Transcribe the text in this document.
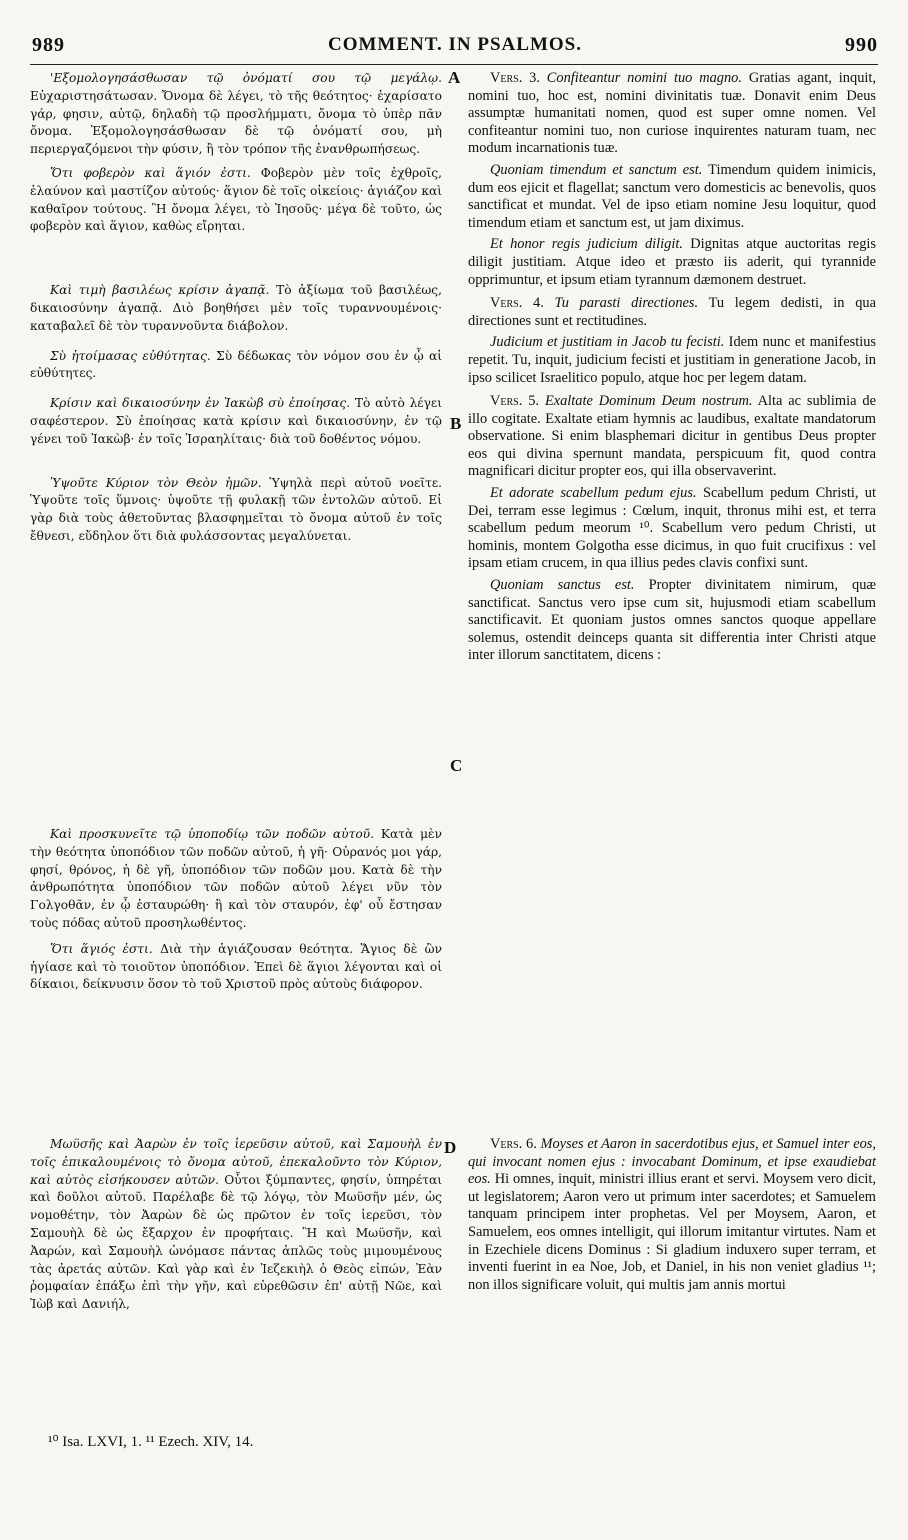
989	COMMENT. IN PSALMOS.	990
A
B
C
D

'Εξομολογησάσθωσαν τῷ ὀνόματί σου τῷ μεγάλῳ. Εὐχαριστησάτωσαν. Ὄνομα δὲ λέγει, τὸ τῆς θεότητος· ἐχαρίσατο γάρ, φησιν, αὐτῷ, δηλαδὴ τῷ προσλήμματι, ὄνομα τὸ ὑπὲρ πᾶν ὄνομα. Ἐξομολογησάσθωσαν δὲ τῷ ὀνόματί σου, μὴ περιεργαζόμενοι τὴν φύσιν, ἢ τὸν τρόπον τῆς ἐνανθρωπήσεως.

Ὅτι φοβερὸν καὶ ἅγιόν ἐστι. Φοβερὸν μὲν τοῖς ἐχθροῖς, ἐλαύνον καὶ μαστίζον αὐτούς· ἅγιον δὲ τοῖς οἰκείοις· ἁγιάζον καὶ καθαῖρον τούτους. Ἢ ὄνομα λέγει, τὸ Ἰησοῦς· μέγα δὲ τοῦτο, ὡς φοβερὸν καὶ ἅγιον, καθὼς εἴρηται.

Καὶ τιμὴ βασιλέως κρίσιν ἀγαπᾷ. Τὸ ἀξίωμα τοῦ βασιλέως, δικαιοσύνην ἀγαπᾷ. Διὸ βοηθήσει μὲν τοῖς τυραννουμένοις· καταβαλεῖ δὲ τὸν τυραννοῦντα διάβολον.

Σὺ ἡτοίμασας εὐθύτητας. Σὺ δέδωκας τὸν νόμον σου ἐν ᾧ αἱ εὐθύτητες.

Κρίσιν καὶ δικαιοσύνην ἐν Ἰακὼβ σὺ ἐποίησας. Τὸ αὐτὸ λέγει σαφέστερον. Σὺ ἐποίησας κατὰ κρίσιν καὶ δικαιοσύνην, ἐν τῷ γένει τοῦ Ἰακὼβ· ἐν τοῖς Ἰσραηλίταις· διὰ τοῦ δοθέντος νόμου.

Ὑψοῦτε Κύριον τὸν Θεὸν ἡμῶν. Ὑψηλὰ περὶ αὐτοῦ νοεῖτε. Ὑψοῦτε τοῖς ὕμνοις· ὑψοῦτε τῇ φυλακῇ τῶν ἐντολῶν αὐτοῦ. Εἰ γὰρ διὰ τοὺς ἀθετοῦντας βλασφημεῖται τὸ ὄνομα αὐτοῦ ἐν τοῖς ἔθνεσι, εὔδηλον ὅτι διὰ φυλάσσοντας μεγαλύνεται.

Καὶ προσκυνεῖτε τῷ ὑποποδίῳ τῶν ποδῶν αὐτοῦ. Κατὰ μὲν τὴν θεότητα ὑποπόδιον τῶν ποδῶν αὐτοῦ, ἡ γῆ· Οὐρανός μοι γάρ, φησί, θρόνος, ἡ δὲ γῆ, ὑποπόδιον τῶν ποδῶν μου. Κατὰ δὲ τὴν ἀνθρωπότητα ὑποπόδιον τῶν ποδῶν αὐτοῦ λέγει νῦν τὸν Γολγοθᾶν, ἐν ᾧ ἐσταυρώθη· ἢ καὶ τὸν σταυρόν, ἐφ' οὗ ἔστησαν τοὺς πόδας αὐτοῦ προσηλωθέντος.

Ὅτι ἅγιός ἐστι. Διὰ τὴν ἁγιάζουσαν θεότητα. Ἅγιος δὲ ὢν ἡγίασε καὶ τὸ τοιοῦτον ὑποπόδιον. Ἐπεὶ δὲ ἅγιοι λέγονται καὶ οἱ δίκαιοι, δείκνυσιν ὅσον τὸ τοῦ Χριστοῦ πρὸς αὐτοὺς διάφορον.

Μωϋσῆς καὶ Ἀαρὼν ἐν τοῖς ἱερεῦσιν αὐτοῦ, καὶ Σαμουὴλ ἐν τοῖς ἐπικαλουμένοις τὸ ὄνομα αὐτοῦ, ἐπεκαλοῦντο τὸν Κύριον, καὶ αὐτὸς εἰσήκουσεν αὐτῶν. Οὗτοι ξύμπαντες, φησίν, ὑπηρέται καὶ δοῦλοι αὐτοῦ. Παρέλαβε δὲ τῷ λόγῳ, τὸν Μωϋσῆν μέν, ὡς νομοθέτην, τὸν Ἀαρὼν δὲ ὡς πρῶτον ἐν τοῖς ἱερεῦσι, τὸν Σαμουὴλ δὲ ὡς ἔξαρχον ἐν προφήταις. Ἢ καὶ Μωϋσῆν, καὶ Ἀαρών, καὶ Σαμουὴλ ὠνόμασε πάντας ἁπλῶς τοὺς μιμουμένους τὰς ἀρετάς αὐτῶν. Καὶ γὰρ καὶ ἐν Ἰεζεκιὴλ ὁ Θεὸς εἰπών, Ἐὰν ῥομφαίαν ἐπάξω ἐπὶ τὴν γῆν, καὶ εὑρεθῶσιν ἐπ' αὐτῇ Νῶε, καὶ Ἰὼβ καὶ Δανιήλ,

Vers. 3. Confiteantur nomini tuo magno. Gratias agant, inquit, nomini tuo, hoc est, nomini divinitatis tuæ. Donavit enim Deus assumptæ humanitati nomen, quod est super omne nomen. Vel confiteantur nomini tuo, non curiose inquirentes naturam tuam, nec modum incarnationis tuæ.

Quoniam timendum et sanctum est. Timendum quidem inimicis, dum eos ejicit et flagellat; sanctum vero domesticis ac benevolis, quos sanctificat et mundat. Vel de ipso etiam nomine Jesu loquitur, quod timendum etiam et sanctum est, ut jam diximus.

Et honor regis judicium diligit. Dignitas atque auctoritas regis diligit justitiam. Atque ideo et præsto iis aderit, qui tyrannide opprimuntur, et ipsum etiam tyrannum dæmonem destruet.

Vers. 4. Tu parasti directiones. Tu legem dedisti, in qua directiones sunt et rectitudines.

Judicium et justitiam in Jacob tu fecisti. Idem nunc et manifestius repetit. Tu, inquit, judicium fecisti et justitiam in generatione Jacob, in ipso scilicet Israelitico populo, atque hoc per legem datam.

Vers. 5. Exaltate Dominum Deum nostrum. Alta ac sublimia de illo cogitate. Exaltate etiam hymnis ac laudibus, exaltate mandatorum observatione. Si enim blasphemari dicitur in gentibus Deus propter eos qui divina spernunt mandata, perspicuum fit, quod contra magnificari dicitur propter eos, qui illa observaverint.

Et adorate scabellum pedum ejus. Scabellum pedum Christi, ut Dei, terram esse legimus : Cœlum, inquit, thronus mihi est, et terra scabellum pedum meorum ¹⁰. Scabellum vero pedum Christi, ut hominis, montem Golgotha esse dicimus, in quo fuit crucifixus : vel ipsam etiam crucem, in qua illius pedes clavis confixi sunt.

Quoniam sanctus est. Propter divinitatem nimirum, quæ sanctificat. Sanctus vero ipse cum sit, hujusmodi etiam scabellum sanctificavit. Et quoniam justos omnes sanctos quoque appellare solemus, ostendit deinceps quanta sit differentia inter Christi atque inter illorum sanctitatem, dicens :

Vers. 6. Moyses et Aaron in sacerdotibus ejus, et Samuel inter eos, qui invocant nomen ejus : invocabant Dominum, et ipse exaudiebat eos. Hi omnes, inquit, ministri illius erant et servi. Moysem vero dicit, ut legislatorem; Aaron vero ut primum inter sacerdotes; et Samuelem tanquam principem inter prophetas. Vel per Moysem, Aaron, et Samuelem, eos omnes intelligit, qui illorum imitantur virtutes. Nam et in Ezechiele dicens Dominus : Si gladium induxero super terram, et inventi fuerint in ea Noe, Job, et Daniel, in his non veniet gladius ¹¹; non illos significare voluit, qui multis jam annis mortui

¹⁰ Isa. LXVI, 1. ¹¹ Ezech. XIV, 14.
